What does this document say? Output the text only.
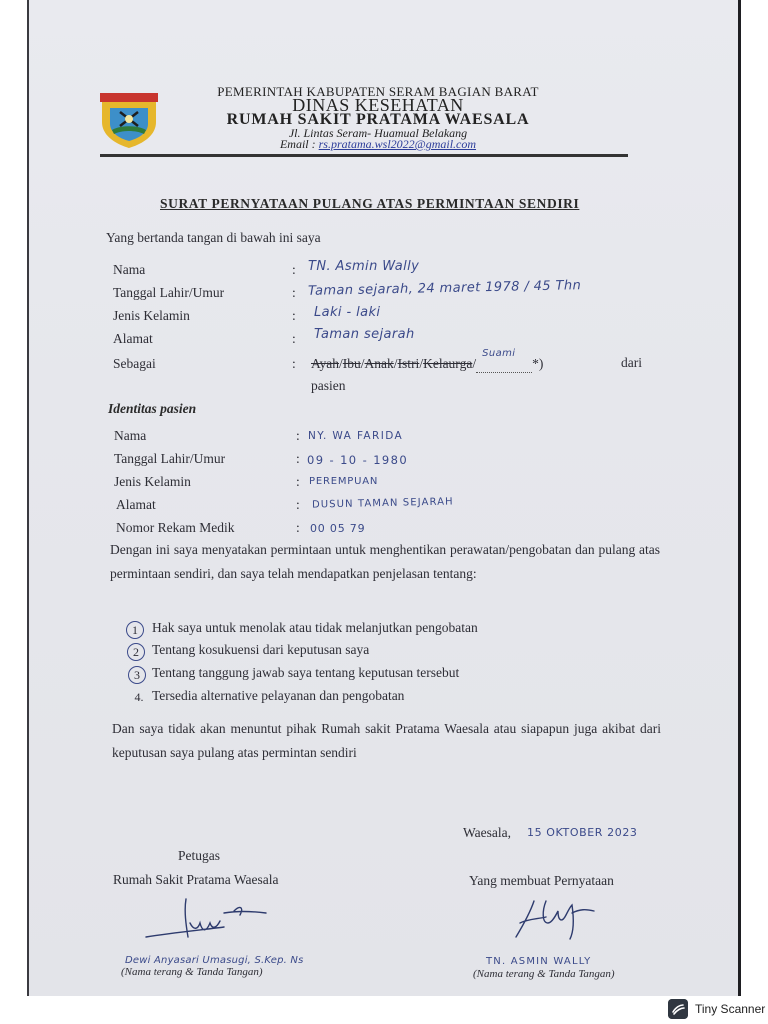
PEMERINTAH KABUPATEN SERAM BAGIAN BARAT
DINAS KESEHATAN
RUMAH SAKIT PRATAMA WAESALA
Jl. Lintas Seram- Huamual Belakang
Email : rs.pratama.wsl2022@gmail.com
SURAT PERNYATAAN PULANG ATAS PERMINTAAN SENDIRI
Yang bertanda tangan di bawah ini saya
Nama	: TN. Asmin Wally
Tanggal Lahir/Umur	: Taman sejarah, 24 maret 1978 / 45 Thn
Jenis Kelamin	: Laki - laki
Alamat	: Taman sejarah
Sebagai	: Ayah/Ibu/Anak/Istri/Kelaurga/
Suami
*)	dari
pasien
Identitas pasien
Nama	: NY. WA FARIDA
Tanggal Lahir/Umur	: 09 - 10 - 1980
Jenis Kelamin	: PEREMPUAN
Alamat	: DUSUN TAMAN SEJARAH
Nomor Rekam Medik	: 00 05 79
Dengan ini saya menyatakan permintaan untuk menghentikan perawatan/pengobatan dan pulang atas permintaan sendiri, dan saya telah mendapatkan penjelasan tentang:
1	Hak saya untuk menolak atau tidak melanjutkan pengobatan
2 Tentang kosukuensi dari keputusan saya
3 Tentang tanggung jawab saya tentang keputusan tersebut
4. Tersedia alternative pelayanan dan pengobatan
Dan saya tidak akan menuntut pihak Rumah sakit Pratama Waesala atau siapapun juga akibat dari keputusan saya pulang atas permintan sendiri
Waesala, 15 OKTOBER 2023
Petugas
Rumah Sakit Pratama Waesala
Dewi Anyasari Umasugi, S.Kep. Ns
(Nama terang & Tanda Tangan)
Yang membuat Pernyataan
TN. ASMIN WALLY
(Nama terang & Tanda Tangan)
Tiny Scanner
